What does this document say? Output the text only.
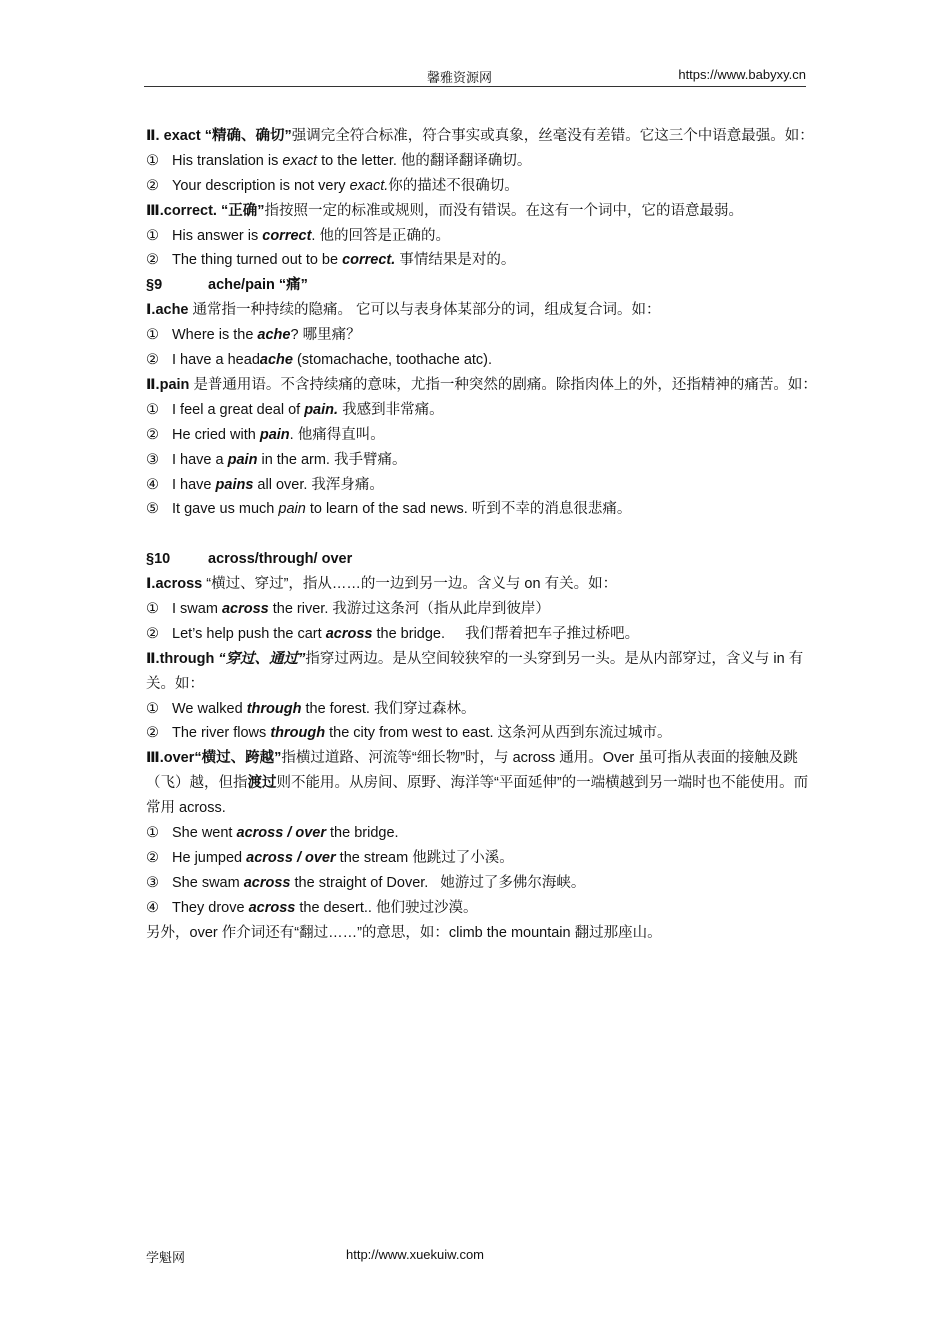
馨雅资源网	https://www.babyxy.cn
Ⅱ. exact “精确、确切”强调完全符合标准，符合事实或真象，丝毫没有差错。它这三个中语意最强。如：
① His translation is exact to the letter. 他的翻译翻译确切。
② Your description is not very exact.你的描述不很确切。
Ⅲ.correct. “正确”指按照一定的标准或规则，而没有错误。在这有一个词中，它的语意最弱。
① His answer is correct. 他的回答是正确的。
② The thing turned out to be correct. 事情结果是对的。
§9	ache/pain “痛”
Ⅰ.ache 通常指一种持续的隐痛。 它可以与表身体某部分的词，组成复合词。如：
① Where is the ache? 哪里痛？
② I have a headache (stomachache, toothache atc).
Ⅱ.pain 是普通用语。不含持续痛的意味，尤指一种突然的剧痛。除指肉体上的外，还指精神的痛苦。如：
① I feel a great deal of pain. 我感到非常痛。
② He cried with pain. 他痛得直叫。
③ I have a pain in the arm. 我手臂痛。
④ I have pains all over. 我浑身痛。
⑤ It gave us much pain to learn of the sad news. 听到不幸的消息很悲痛。
§10	across/through/ over
Ⅰ.across “横过、穿过”，指从……的一边到另一边。含义与 on 有关。如：
① I swam across the river. 我游过这条河（指从此岸到彼岸）
② Let’s help push the cart across the bridge.     我们帮着把车子推过桥吧。
Ⅱ.through “穿过、通过”指穿过两边。是从空间较狭窄的一头穿到另一头。是从内部穿过，含义与 in 有关。如：
① We walked through the forest. 我们穿过森林。
② The river flows through the city from west to east. 这条河从西到东流过城市。
Ⅲ.over“横过、跨越”指横过道路、河流等“细长物”时，与 across 通用。Over 虽可指从表面的接触及跳（飞）越，但指渡过则不能用。从房间、原野、海洋等“平面延伸”的一端横越到另一端时也不能使用。而常用 across.
① She went across / over the bridge.
② He jumped across / over the stream 他跳过了小溪。
③ She swam across the straight of Dover.   她游过了多佛尔海峡。
④ They drove across the desert.. 他们驶过沙漠。
另外，over 作介词还有“翻过……”的意思，如：climb the mountain 翻过那座山。
学魁网	http://www.xuekuiw.com
